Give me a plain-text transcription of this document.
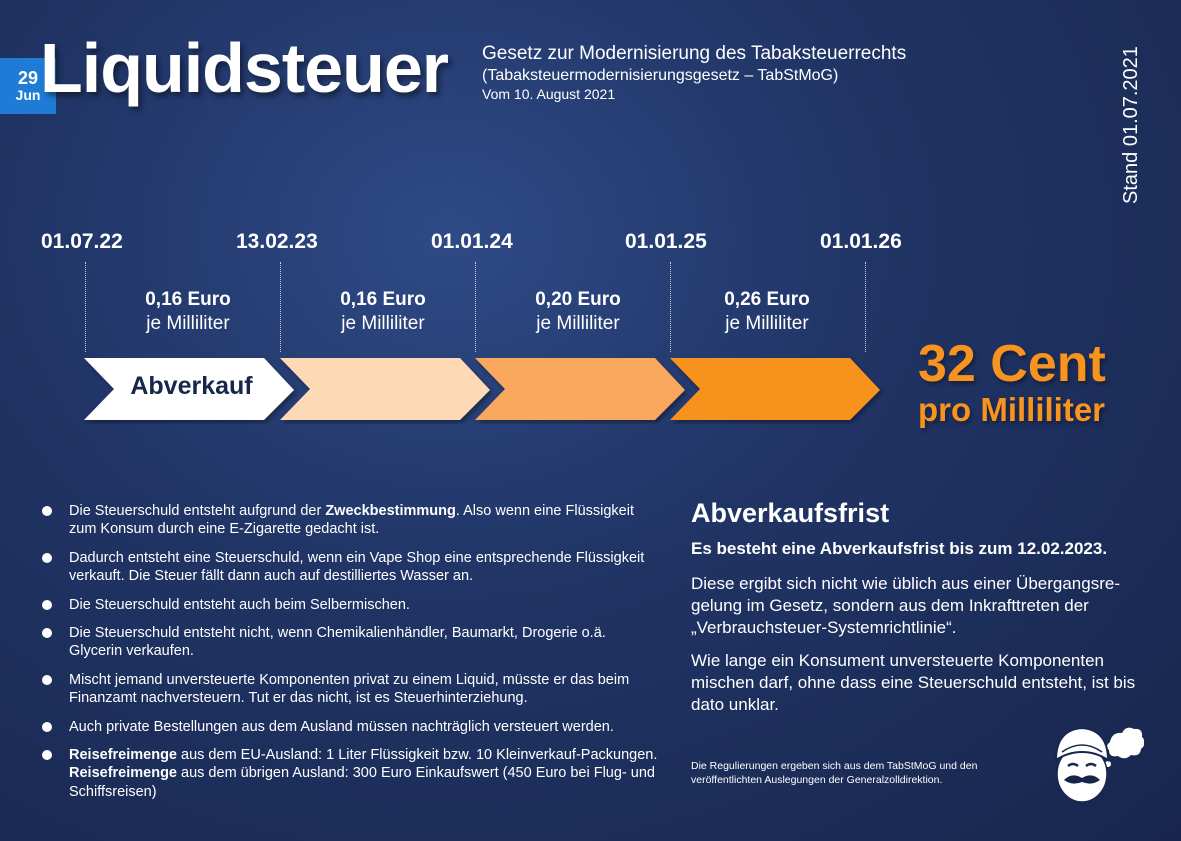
29
Jun Liquidsteuer Gesetz zur Modernisierung des Tabaksteuerrechts
(Tabaksteuermodernisierungsgesetz – TabStMoG)
Vom 10. August 2021	Stand 01.07.2021
01.07.22	13.02.23	01.01.24	01.01.25	01.01.26
0,16 Euro
je Milliliter
0,16 Euro
je Milliliter
0,20 Euro
je Milliliter
0,26 Euro
je Milliliter
Abverkauf	32 Cent
pro Milliliter
Die Steuerschuld entsteht aufgrund der Zweckbestimmung. Also wenn eine Flüssigkeit zum Konsum durch eine E-Zigarette gedacht ist.
Dadurch entsteht eine Steuerschuld, wenn ein Vape Shop eine entsprechende Flüssigkeit verkauft. Die Steuer fällt dann auch auf destilliertes Wasser an.
Die Steuerschuld entsteht auch beim Selbermischen.
Die Steuerschuld entsteht nicht, wenn Chemikalienhändler, Baumarkt, Drogerie o.ä. Glycerin verkaufen.
Mischt jemand unversteuerte Komponenten privat zu einem Liquid, müsste er das beim Finanzamt nachversteuern. Tut er das nicht, ist es Steuerhinterziehung.
Auch private Bestellungen aus dem Ausland müssen nachträglich versteuert werden.
Reisefreimenge aus dem EU-Ausland: 1 Liter Flüssigkeit bzw. 10 Kleinverkauf-Packungen.
Reisefreimenge aus dem übrigen Ausland: 300 Euro Einkaufswert (450 Euro bei Flug- und Schiffsreisen)
Abverkaufsfrist
Es besteht eine Abverkaufsfrist bis zum 12.02.2023.
Diese ergibt sich nicht wie üblich aus einer Übergangsre-gelung im Gesetz, sondern aus dem Inkrafttreten der „Verbrauchsteuer-Systemrichtlinie“.
Wie lange ein Konsument unversteuerte Komponenten mischen darf, ohne dass eine Steuerschuld entsteht, ist bis dato unklar.
Die Regulierungen ergeben sich aus dem TabStMoG und den veröffentlichten Auslegungen der Generalzolldirektion.
